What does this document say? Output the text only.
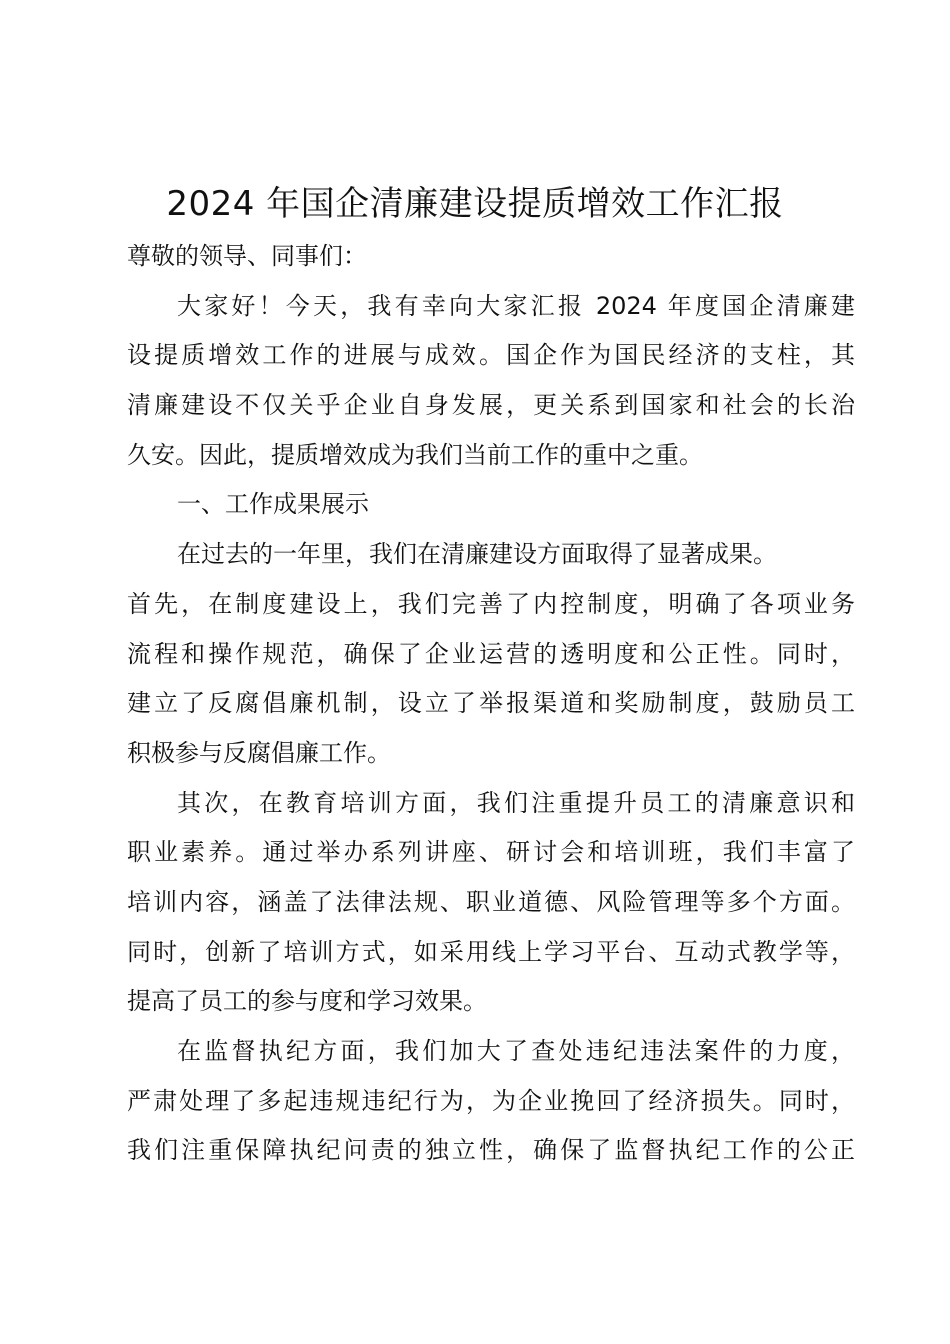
2024 年国企清廉建设提质增效工作汇报
尊敬的领导、同事们：
大家好！今天，我有幸向大家汇报 2024 年度国企清廉建
设提质增效工作的进展与成效。国企作为国民经济的支柱，其
清廉建设不仅关乎企业自身发展，更关系到国家和社会的长治
久安。因此，提质增效成为我们当前工作的重中之重。
一、工作成果展示
在过去的一年里，我们在清廉建设方面取得了显著成果。
首先，在制度建设上，我们完善了内控制度，明确了各项业务
流程和操作规范，确保了企业运营的透明度和公正性。同时，
建立了反腐倡廉机制，设立了举报渠道和奖励制度，鼓励员工
积极参与反腐倡廉工作。
其次，在教育培训方面，我们注重提升员工的清廉意识和
职业素养。通过举办系列讲座、研讨会和培训班，我们丰富了
培训内容，涵盖了法律法规、职业道德、风险管理等多个方面。
同时，创新了培训方式，如采用线上学习平台、互动式教学等，
提高了员工的参与度和学习效果。
在监督执纪方面，我们加大了查处违纪违法案件的力度，
严肃处理了多起违规违纪行为，为企业挽回了经济损失。同时，
我们注重保障执纪问责的独立性，确保了监督执纪工作的公正
